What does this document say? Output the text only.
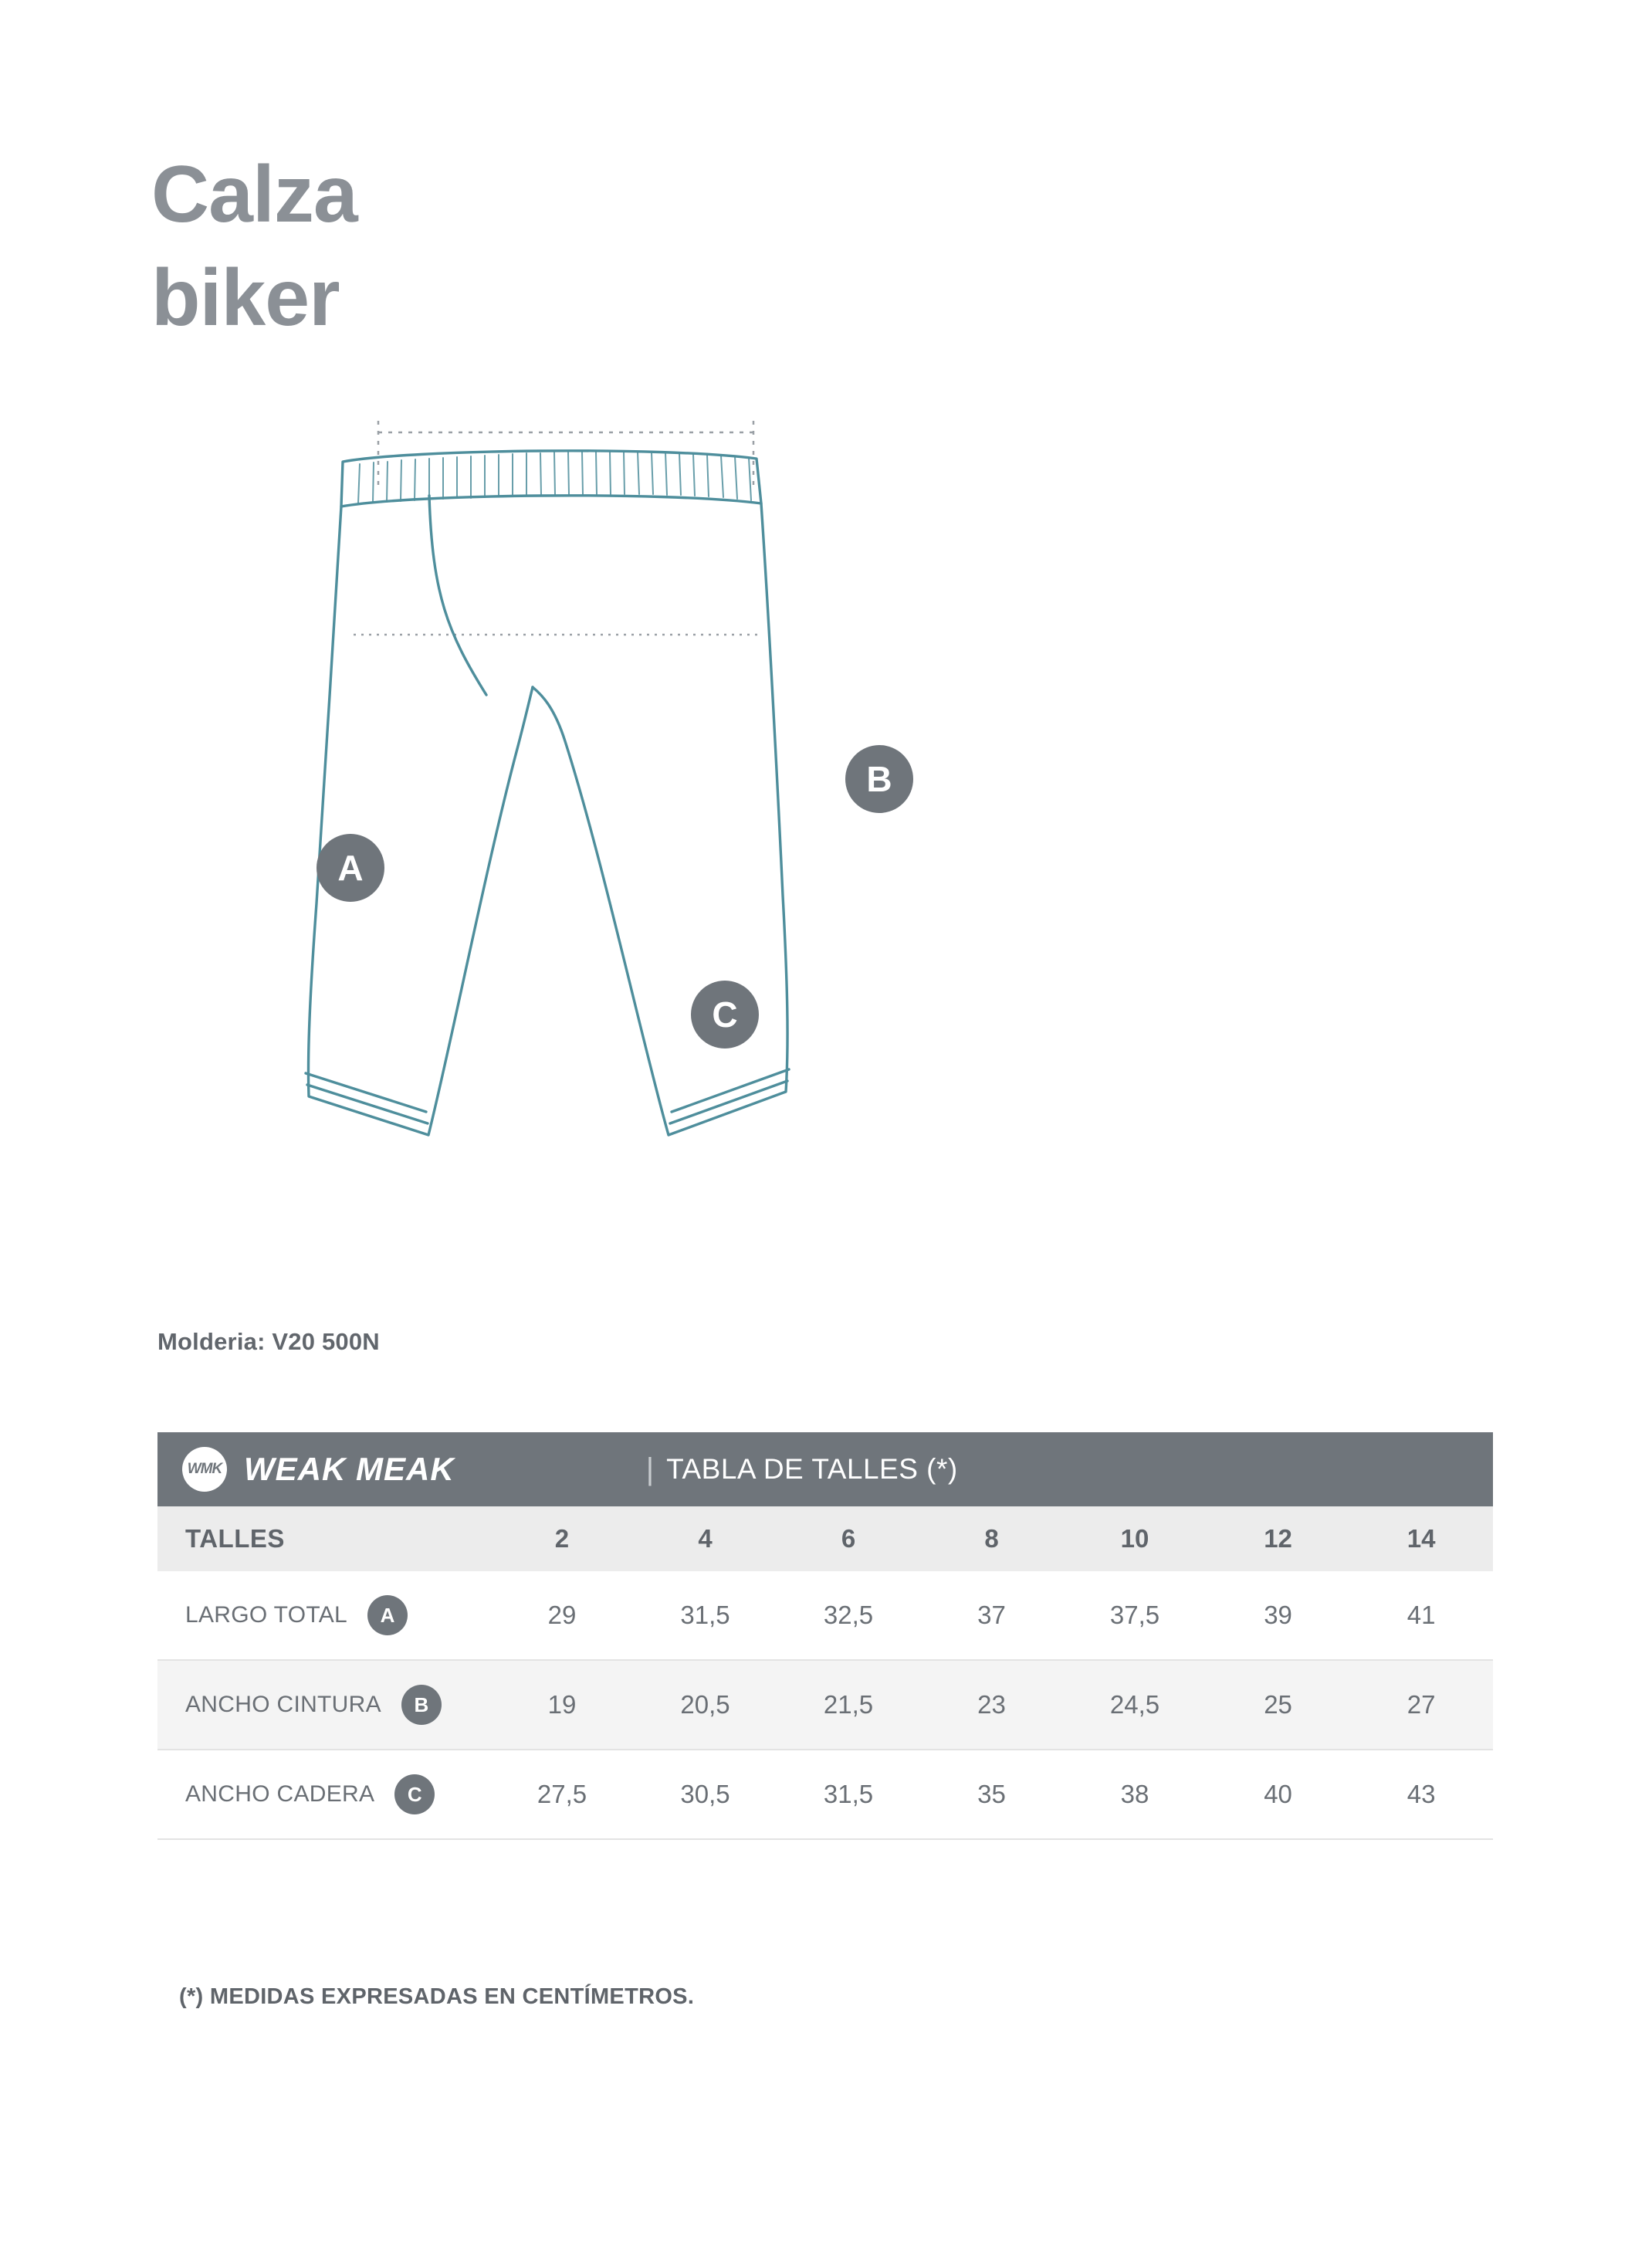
Calza
biker
A
B
C
Molderia: V20 500N
WMK WEAK MEAK		| TABLA DE TALLES (*)					

TALLES	2	4	6	8	10	12	14

LARGO TOTAL A	29	31,5	32,5	37	37,5	39	41

ANCHO CINTURA B	19	20,5	21,5	23	24,5	25	27

ANCHO CADERA C	27,5	30,5	31,5	35	38	40	43
(*) MEDIDAS EXPRESADAS EN CENTÍMETROS.
